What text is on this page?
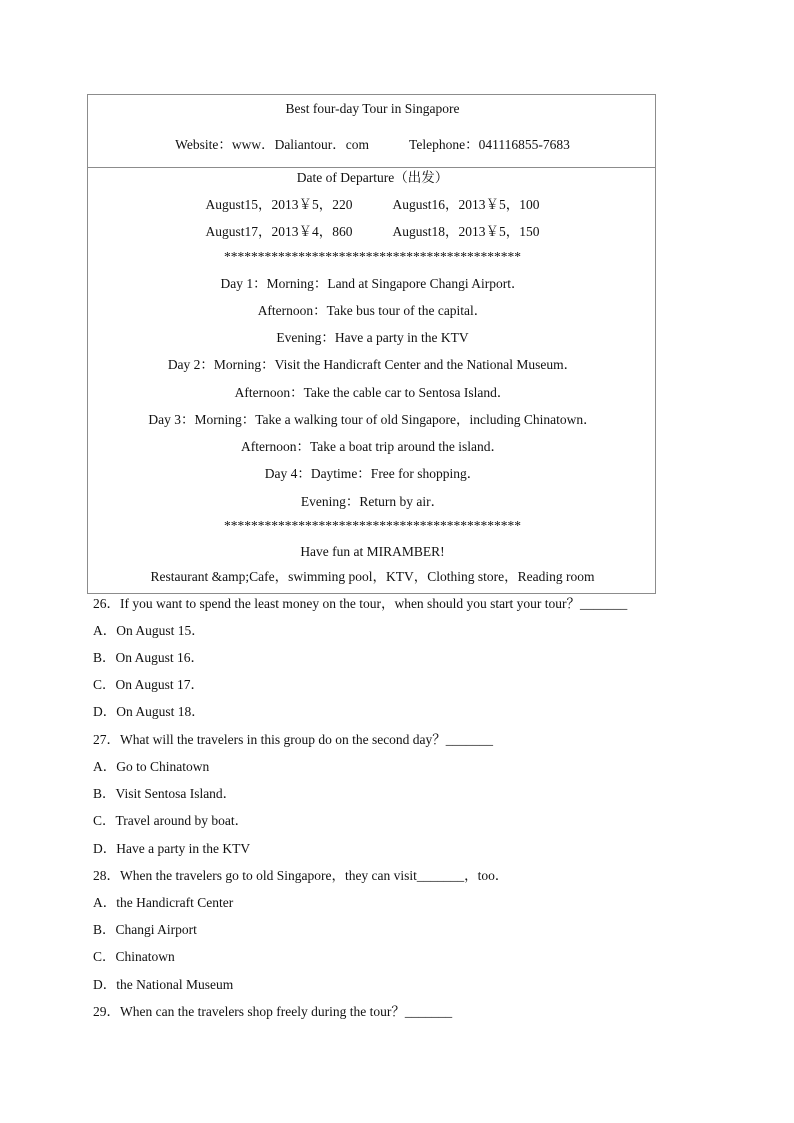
Best four-day Tour in Singapore
Website：www．Daliantour．com	Telephone：041116855-7683
Date of Departure（出发）
August15，2013￥5，220	August16，2013￥5，100
August17，2013￥4，860	August18，2013￥5，150
********************************************
Day 1：Morning：Land at Singapore Changi Airport．
Afternoon：Take bus tour of the capital．
Evening：Have a party in the KTV
Day 2：Morning：Visit the Handicraft Center and the National Museum．
Afternoon：Take the cable car to Sentosa Island．
Day 3：Morning：Take a walking tour of old Singapore，including Chinatown．
Afternoon：Take a boat trip around the island．
Day 4：Daytime：Free for shopping．
Evening：Return by air．
********************************************
Have fun at MIRAMBER!
Restaurant &amp;Cafe，swimming pool，KTV，Clothing store，Reading room
26．If you want to spend the least money on the tour，when should you start your tour？_______
A．On August 15．
B．On August 16．
C．On August 17．
D．On August 18．
27．What will the travelers in this group do on the second day？_______
A．Go to Chinatown
B．Visit Sentosa Island．
C．Travel around by boat．
D．Have a party in the KTV
28．When the travelers go to old Singapore，they can visit_______，too．
A．the Handicraft Center
B．Changi Airport
C．Chinatown
D．the National Museum
29．When can the travelers shop freely during the tour？_______
